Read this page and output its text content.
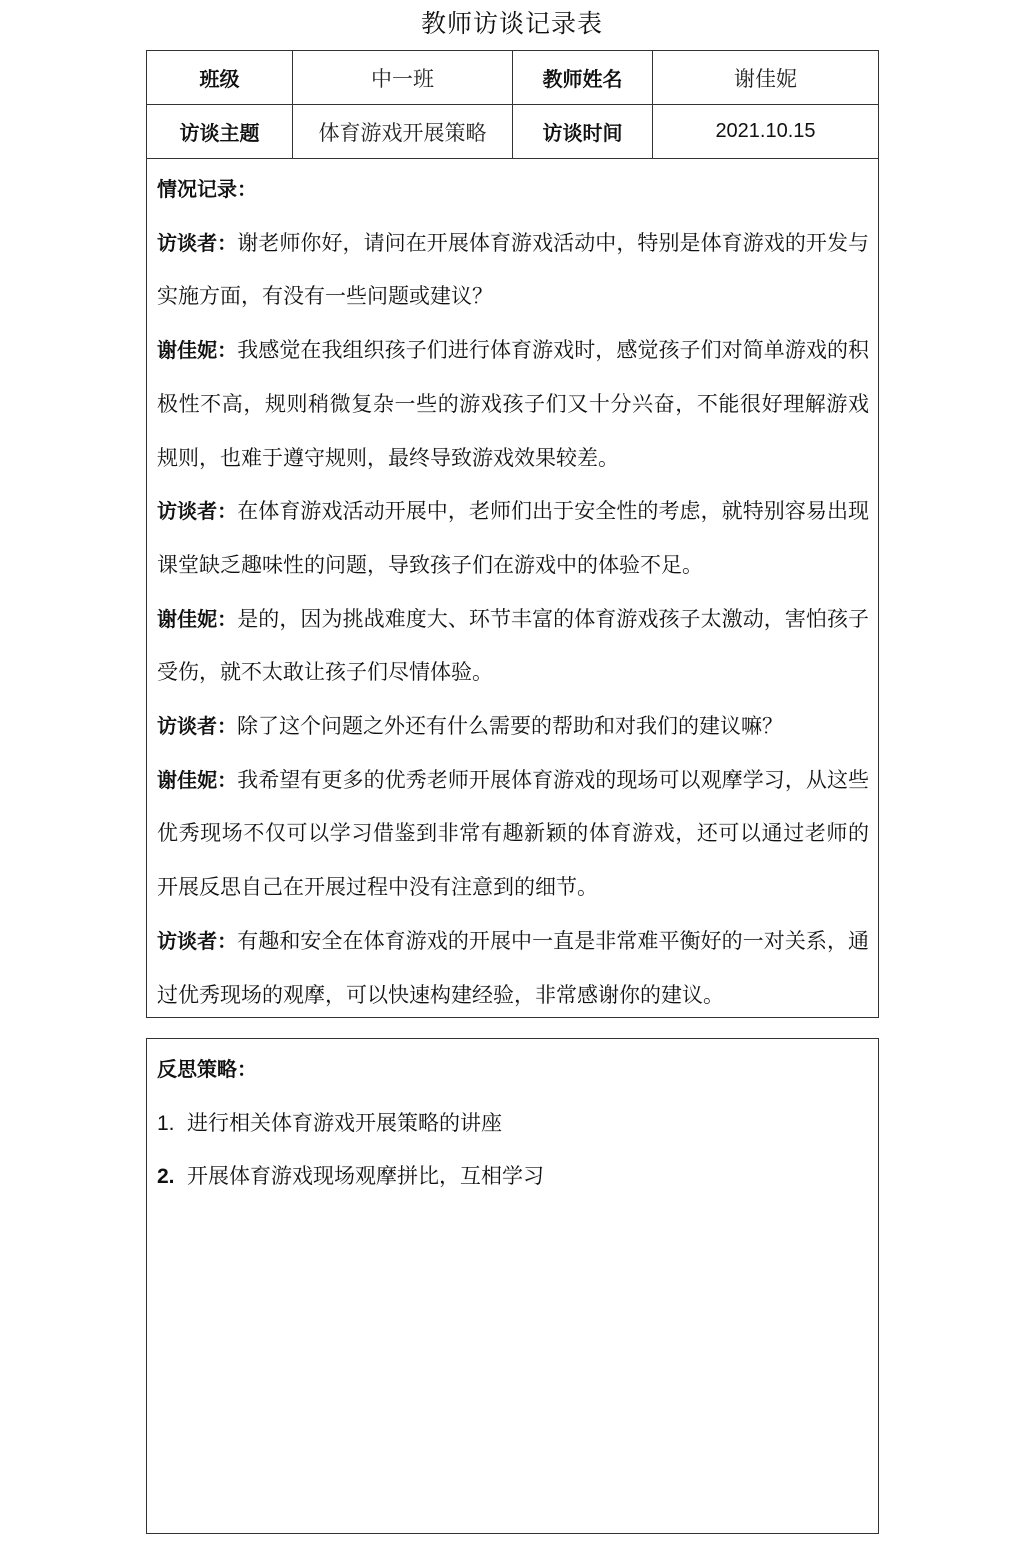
教师访谈记录表
班级	中一班	教师姓名	谢佳妮
访谈主题	体育游戏开展策略	访谈时间	2021.10.15

情况记录：

访谈者：谢老师你好，请问在开展体育游戏活动中，特别是体育游戏的开发与实施方面，有没有一些问题或建议？

谢佳妮：我感觉在我组织孩子们进行体育游戏时，感觉孩子们对简单游戏的积极性不高，规则稍微复杂一些的游戏孩子们又十分兴奋，不能很好理解游戏规则，也难于遵守规则，最终导致游戏效果较差。

访谈者：在体育游戏活动开展中，老师们出于安全性的考虑，就特别容易出现课堂缺乏趣味性的问题，导致孩子们在游戏中的体验不足。

谢佳妮：是的，因为挑战难度大、环节丰富的体育游戏孩子太激动，害怕孩子受伤，就不太敢让孩子们尽情体验。

访谈者：除了这个问题之外还有什么需要的帮助和对我们的建议嘛？

谢佳妮：我希望有更多的优秀老师开展体育游戏的现场可以观摩学习，从这些优秀现场不仅可以学习借鉴到非常有趣新颖的体育游戏，还可以通过老师的开展反思自己在开展过程中没有注意到的细节。

访谈者：有趣和安全在体育游戏的开展中一直是非常难平衡好的一对关系，通过优秀现场的观摩，可以快速构建经验，非常感谢你的建议。

反思策略：

1. 进行相关体育游戏开展策略的讲座

2. 开展体育游戏现场观摩拼比，互相学习
